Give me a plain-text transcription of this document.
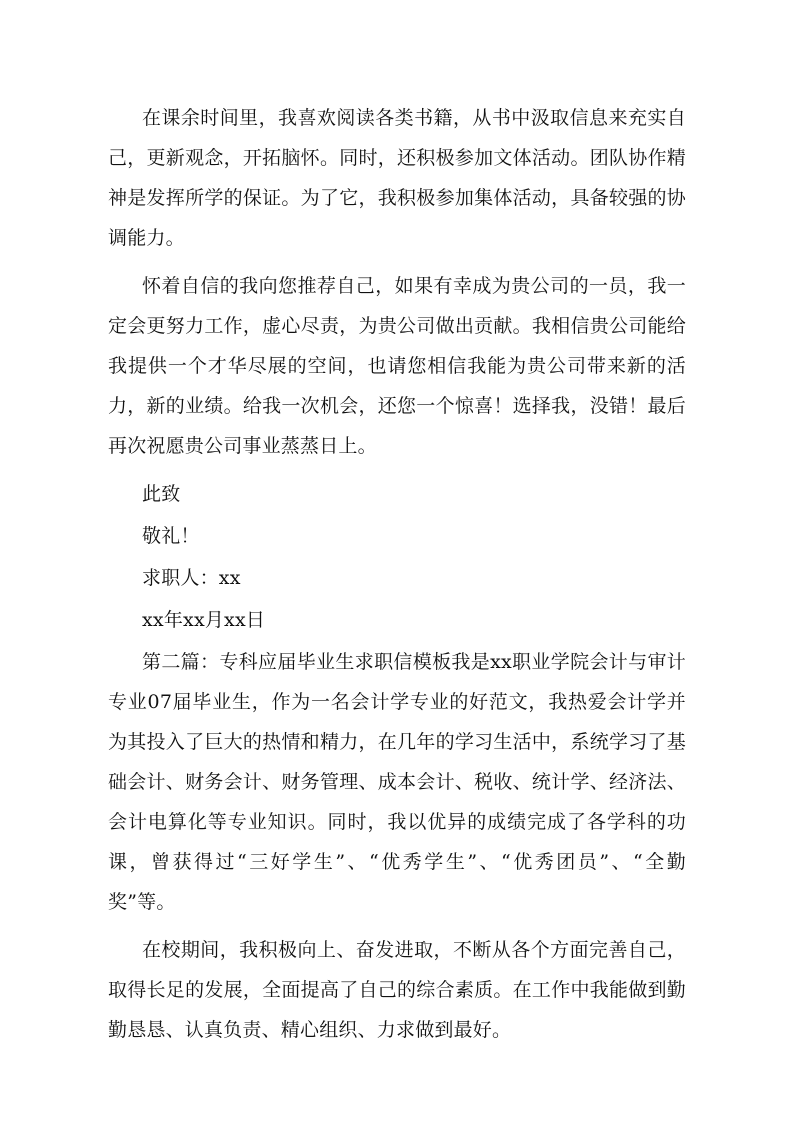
在课余时间里，我喜欢阅读各类书籍，从书中汲取信息来充实自己，更新观念，开拓脑怀。同时，还积极参加文体活动。团队协作精神是发挥所学的保证。为了它，我积极参加集体活动，具备较强的协调能力。

怀着自信的我向您推荐自己，如果有幸成为贵公司的一员，我一定会更努力工作，虚心尽责，为贵公司做出贡献。我相信贵公司能给我提供一个才华尽展的空间，也请您相信我能为贵公司带来新的活力，新的业绩。给我一次机会，还您一个惊喜！选择我，没错！最后再次祝愿贵公司事业蒸蒸日上。

此致

敬礼！

求职人：xx

xx年xx月xx日

第二篇：专科应届毕业生求职信模板我是xx职业学院会计与审计专业07届毕业生，作为一名会计学专业的好范文，我热爱会计学并为其投入了巨大的热情和精力，在几年的学习生活中，系统学习了基础会计、财务会计、财务管理、成本会计、税收、统计学、经济法、会计电算化等专业知识。同时，我以优异的成绩完成了各学科的功课，曾获得过“三好学生”、“优秀学生”、“优秀团员”、“全勤奖”等。

在校期间，我积极向上、奋发进取，不断从各个方面完善自己，取得长足的发展，全面提高了自己的综合素质。在工作中我能做到勤勤恳恳、认真负责、精心组织、力求做到最好。
